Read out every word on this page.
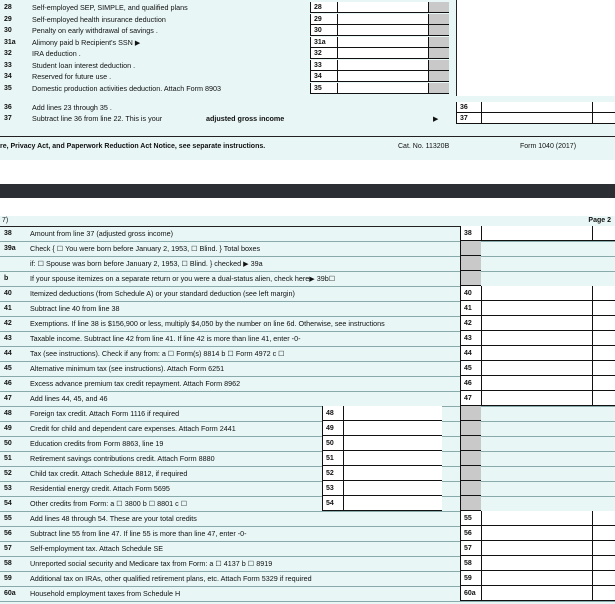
28	Self-employed SEP, SIMPLE, and qualified plans	28
29	Self-employed health insurance deduction	29
30	Penalty on early withdrawal of savings .	30
31a Alimony paid b Recipient's SSN ▶	31a
32	IRA deduction .	32
33	Student loan interest deduction .	33
34	Reserved for future use .	34
35	Domestic production activities deduction. Attach Form 8903	35
36	Add lines 23 through 35 .	36
37	Subtract line 36 from line 22. This is your	adjusted gross income	▶	37
re, Privacy Act, and Paperwork Reduction Act Notice, see separate instructions.	Cat. No. 11320B	Form 1040 (2017)
7)	Page 2
38	Amount from line 37 (adjusted gross income)	38
39a Check { ☐ You were born before January 2, 1953, ☐ Blind. } Total boxes
if: ☐ Spouse was born before January 2, 1953, ☐ Blind. } checked ▶ 39a
b	If your spouse itemizes on a separate return or you were a dual-status alien, check here▶ 39b☐
40	Itemized deductions (from Schedule A) or your standard deduction (see left margin)	40
41	Subtract line 40 from line 38	41
42	Exemptions. If line 38 is $156,900 or less, multiply $4,050 by the number on line 6d. Otherwise, see instructions	42
43	Taxable income. Subtract line 42 from line 41. If line 42 is more than line 41, enter -0-	43
44	Tax (see instructions). Check if any from: a ☐ Form(s) 8814 b ☐ Form 4972 c ☐	44
45	Alternative minimum tax (see instructions). Attach Form 6251	45
46	Excess advance premium tax credit repayment. Attach Form 8962	46
47	Add lines 44, 45, and 46	47
48	Foreign tax credit. Attach Form 1116 if required	48
49	Credit for child and dependent care expenses. Attach Form 2441	49
50	Education credits from Form 8863, line 19	50
51	Retirement savings contributions credit. Attach Form 8880	51
52	Child tax credit. Attach Schedule 8812, if required	52
53	Residential energy credit. Attach Form 5695	53
54	Other credits from Form: a ☐ 3800 b ☐ 8801 c ☐	54
55	Add lines 48 through 54. These are your total credits	55
56	Subtract line 55 from line 47. If line 55 is more than line 47, enter -0-	56
57	Self-employment tax. Attach Schedule SE	57
58	Unreported social security and Medicare tax from Form: a ☐ 4137 b ☐ 8919	58
59	Additional tax on IRAs, other qualified retirement plans, etc. Attach Form 5329 if required	59
60a Household employment taxes from Schedule H	60a
